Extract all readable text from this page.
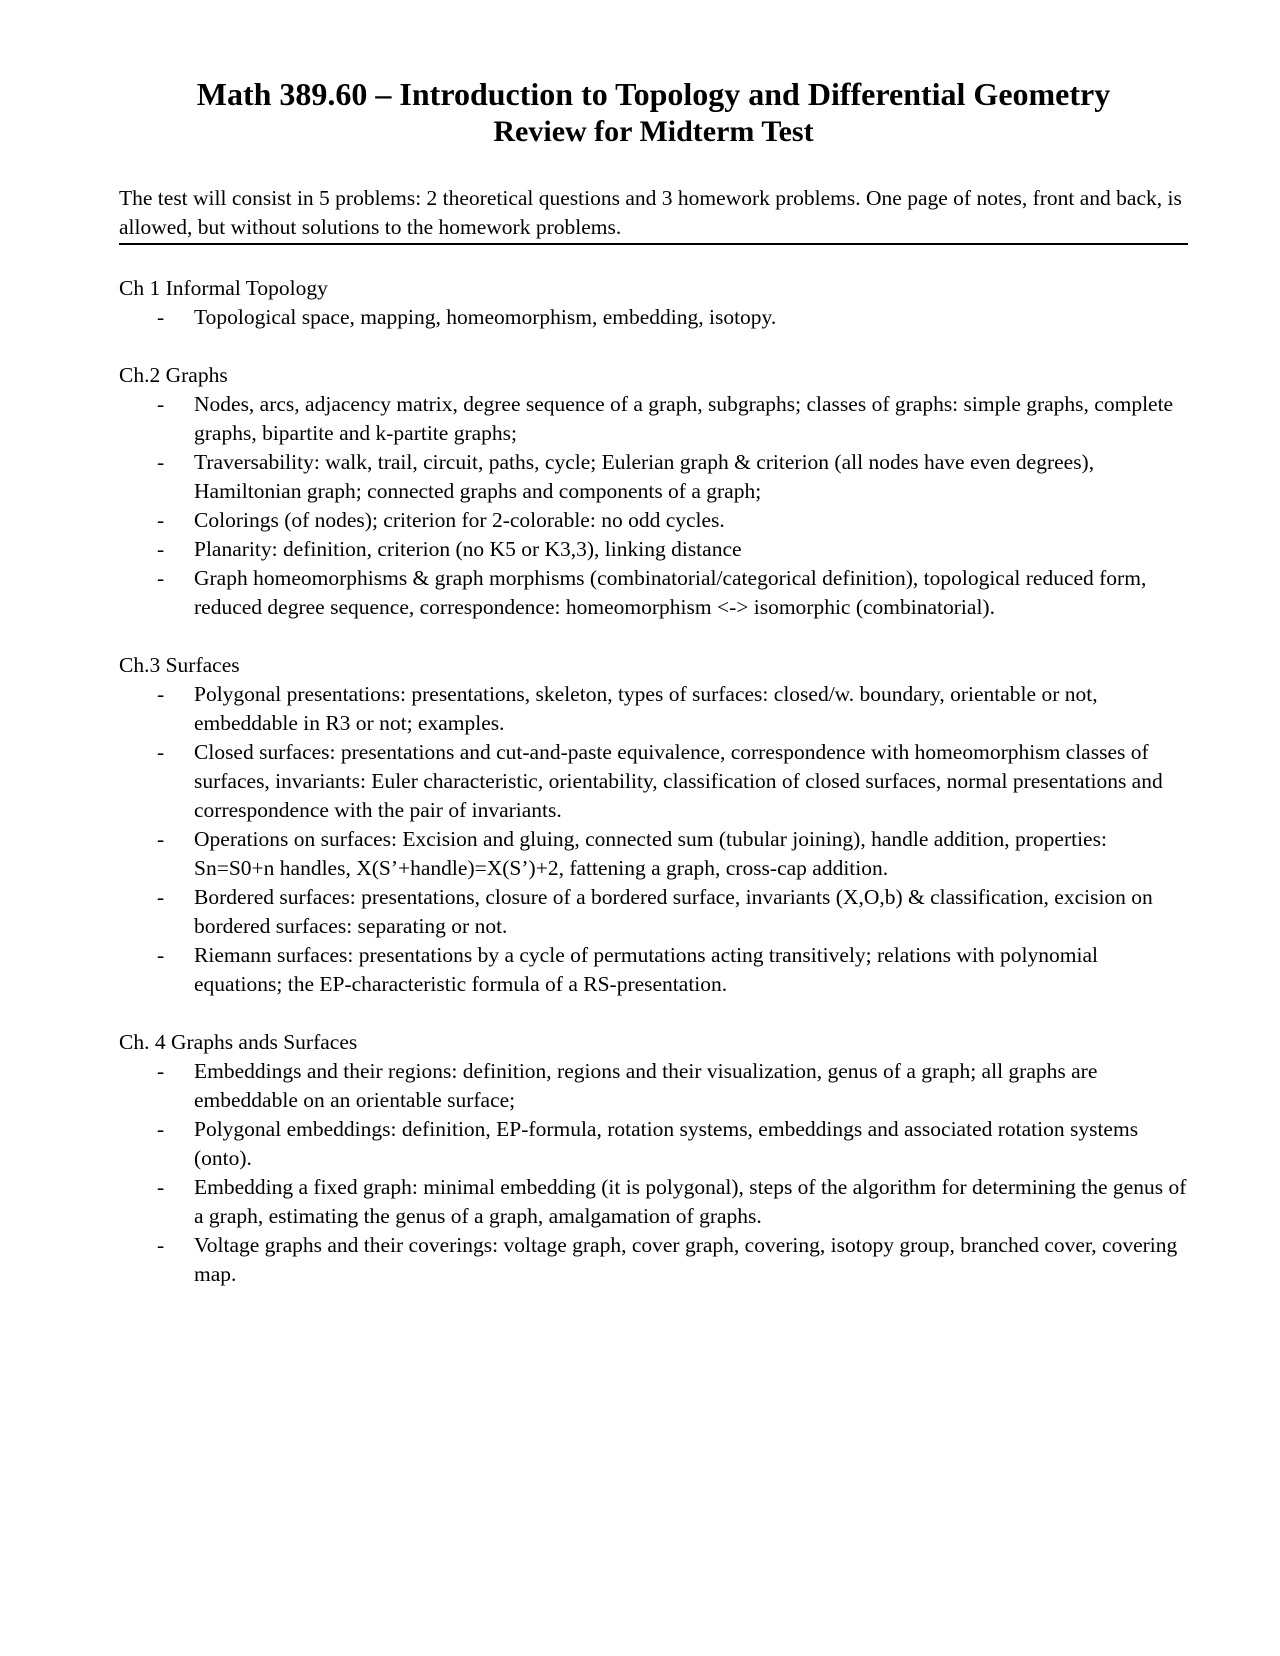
Math 389.60 – Introduction to Topology and Differential Geometry
Review for Midterm Test

The test will consist in 5 problems: 2 theoretical questions and 3 homework problems. One page of notes, front and back, is allowed, but without solutions to the homework problems.

Ch 1 Informal Topology

- Topological space, mapping, homeomorphism, embedding, isotopy.

Ch.2 Graphs

- Nodes, arcs, adjacency matrix, degree sequence of a graph, subgraphs; classes of graphs: simple graphs, complete graphs, bipartite and k-partite graphs;
- Traversability: walk, trail, circuit, paths, cycle; Eulerian graph & criterion (all nodes have even degrees), Hamiltonian graph; connected graphs and components of a graph;
- Colorings (of nodes); criterion for 2-colorable: no odd cycles.
- Planarity: definition, criterion (no K5 or K3,3), linking distance
- Graph homeomorphisms & graph morphisms (combinatorial/categorical definition), topological reduced form, reduced degree sequence, correspondence: homeomorphism <-> isomorphic (combinatorial).

Ch.3 Surfaces

- Polygonal presentations: presentations, skeleton, types of surfaces: closed/w. boundary, orientable or not, embeddable in R3 or not; examples.
- Closed surfaces: presentations and cut-and-paste equivalence, correspondence with homeomorphism classes of surfaces, invariants: Euler characteristic, orientability, classification of closed surfaces, normal presentations and correspondence with the pair of invariants.
- Operations on surfaces: Excision and gluing, connected sum (tubular joining), handle addition, properties: Sn=S0+n handles, X(S’+handle)=X(S’)+2, fattening a graph, cross-cap addition.
- Bordered surfaces: presentations, closure of a bordered surface, invariants (X,O,b) & classification, excision on bordered surfaces: separating or not.
- Riemann surfaces: presentations by a cycle of permutations acting transitively; relations with polynomial equations; the EP-characteristic formula of a RS-presentation.

Ch. 4 Graphs ands Surfaces

- Embeddings and their regions: definition, regions and their visualization, genus of a graph; all graphs are embeddable on an orientable surface;
- Polygonal embeddings: definition, EP-formula, rotation systems, embeddings and associated rotation systems (onto).
- Embedding a fixed graph: minimal embedding (it is polygonal), steps of the algorithm for determining the genus of a graph, estimating the genus of a graph, amalgamation of graphs.
- Voltage graphs and their coverings: voltage graph, cover graph, covering, isotopy group, branched cover, covering map.
